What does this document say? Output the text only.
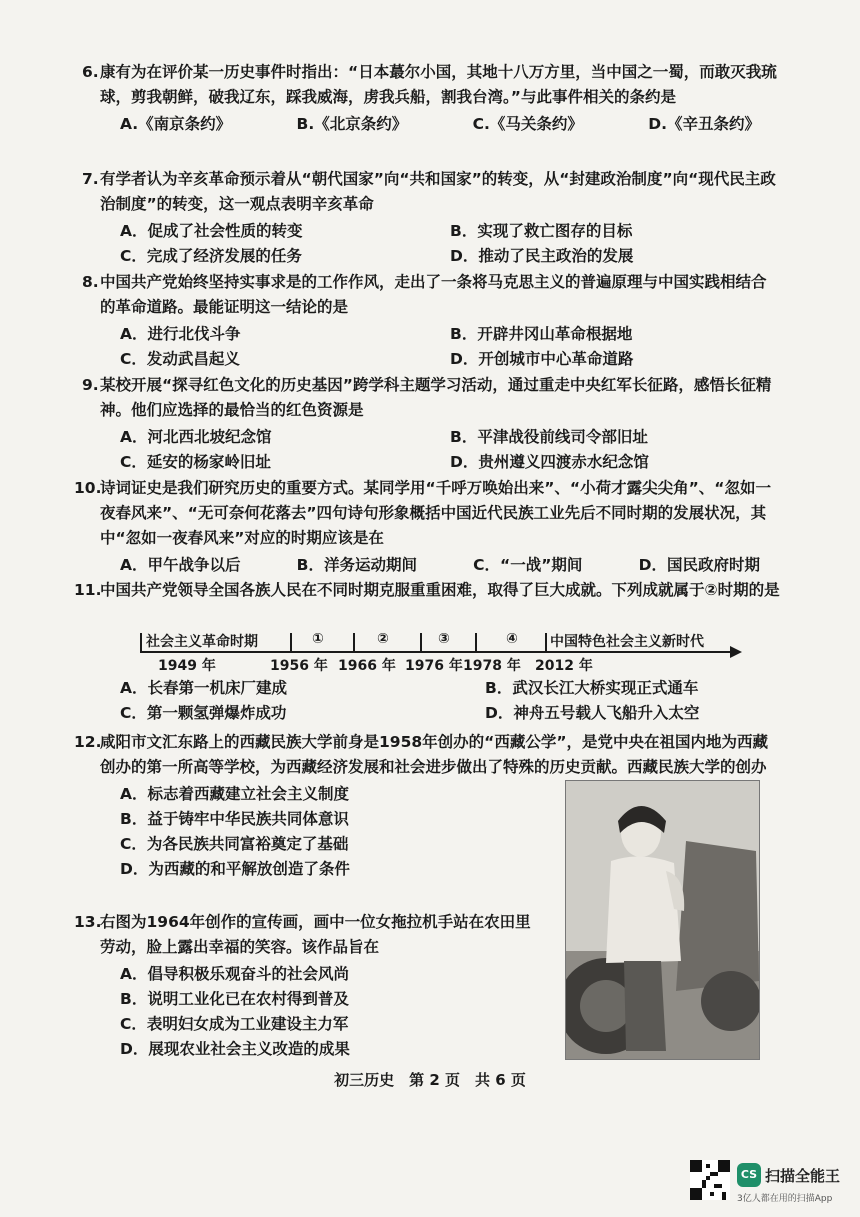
6. 康有为在评价某一历史事件时指出：“日本蕞尔小国，其地十八万方里，当中国之一蜀，而敢灭我琉球，剪我朝鲜，破我辽东，踩我威海，虏我兵船，割我台湾。”与此事件相关的条约是
A.《南京条约》	B.《北京条约》	C.《马关条约》	D.《辛丑条约》
7. 有学者认为辛亥革命预示着从“朝代国家”向“共和国家”的转变，从“封建政治制度”向“现代民主政治制度”的转变，这一观点表明辛亥革命
A．促成了社会性质的转变	B．实现了救亡图存的目标
C．完成了经济发展的任务	D．推动了民主政治的发展
8. 中国共产党始终坚持实事求是的工作作风，走出了一条将马克思主义的普遍原理与中国实践相结合的革命道路。最能证明这一结论的是
A．进行北伐斗争	B．开辟井冈山革命根据地
C．发动武昌起义	D．开创城市中心革命道路
9. 某校开展“探寻红色文化的历史基因”跨学科主题学习活动，通过重走中央红军长征路，感悟长征精神。他们应选择的最恰当的红色资源是
A．河北西北坡纪念馆	B．平津战役前线司令部旧址
C．延安的杨家岭旧址	D．贵州遵义四渡赤水纪念馆
10.
诗词证史是我们研究历史的重要方式。某同学用“千呼万唤始出来”、“小荷才露尖尖角”、“忽如一夜春风来”、“无可奈何花落去”四句诗句形象概括中国近代民族工业先后不同时期的发展状况，其中“忽如一夜春风来”对应的时期应该是在
A．甲午战争以后	B．洋务运动期间	C．“一战”期间	D．国民政府时期
11.
中国共产党领导全国各族人民在不同时期克服重重困难，取得了巨大成就。下列成就属于②时期的是
社会主义革命时期	①	②	③	④ 中国特色社会主义新时代
1949 年	1956 年 1966 年 1976 年 1978 年 2012 年
A．长春第一机床厂建成	B．武汉长江大桥实现正式通车
C．第一颗氢弹爆炸成功	D．神舟五号载人飞船升入太空
12.
咸阳市文汇东路上的西藏民族大学前身是1958年创办的“西藏公学”，是党中央在祖国内地为西藏创办的第一所高等学校，为西藏经济发展和社会进步做出了特殊的历史贡献。西藏民族大学的创办
A．标志着西藏建立社会主义制度
B．益于铸牢中华民族共同体意识
C．为各民族共同富裕奠定了基础
D．为西藏的和平解放创造了条件
13.
右图为1964年创作的宣传画，画中一位女拖拉机手站在农田里劳动，脸上露出幸福的笑容。该作品旨在
A．倡导积极乐观奋斗的社会风尚
B．说明工业化已在农村得到普及
C．表明妇女成为工业建设主力军
D．展现农业社会主义改造的成果
初三历史　第 2 页　共 6 页
CS 扫描全能王
3亿人都在用的扫描App
